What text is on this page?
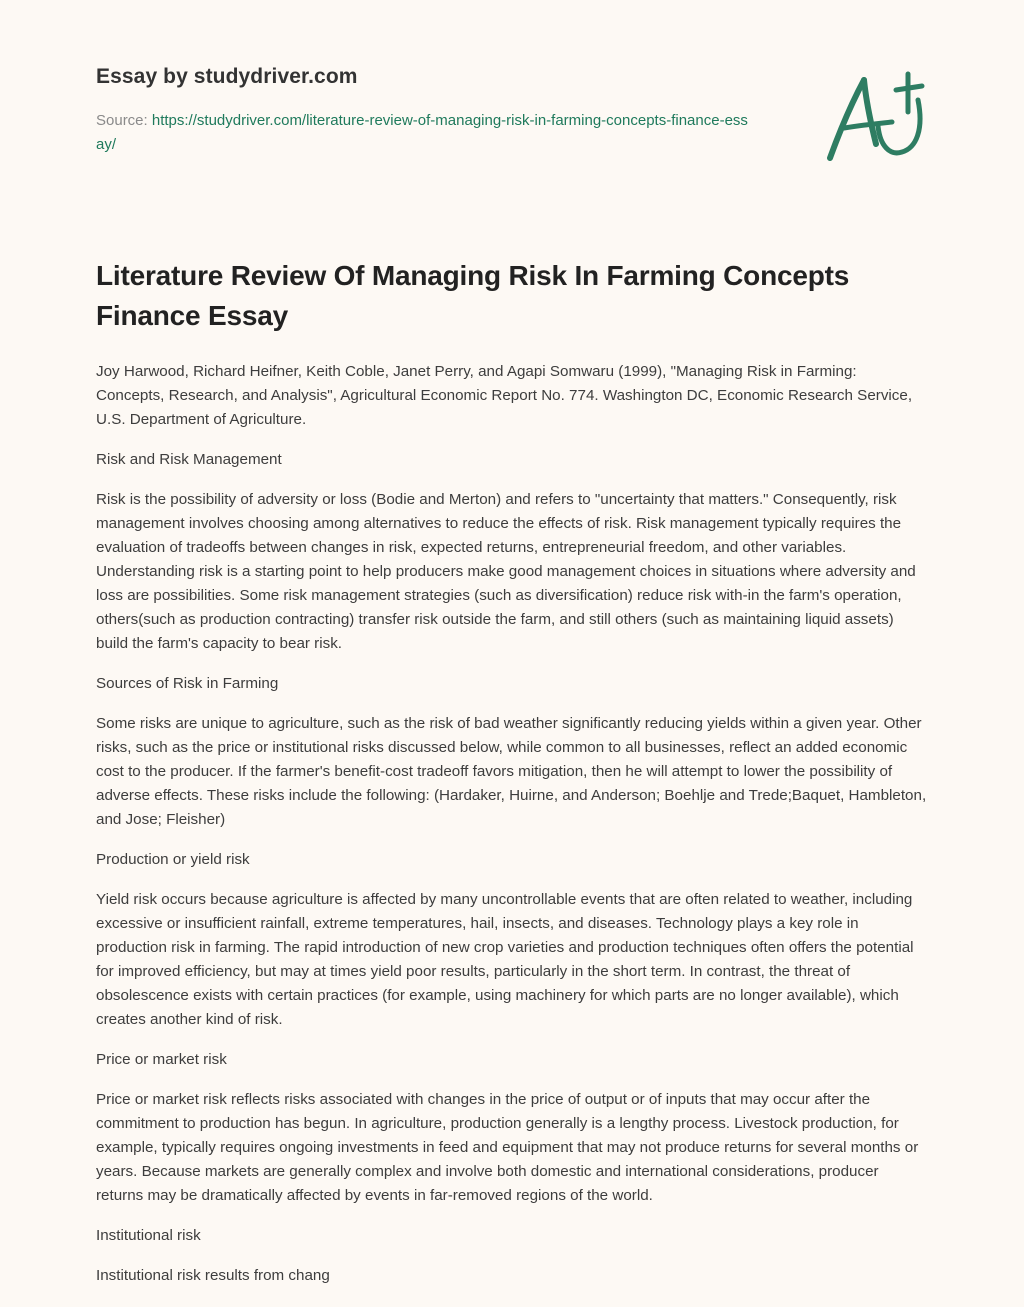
Essay by studydriver.com
Source: https://studydriver.com/literature-review-of-managing-risk-in-farming-concepts-finance-essay/
Literature Review Of Managing Risk In Farming Concepts Finance Essay

Joy Harwood, Richard Heifner, Keith Coble, Janet Perry, and Agapi Somwaru (1999), "Managing Risk in Farming: Concepts, Research, and Analysis", Agricultural Economic Report No. 774. Washington DC, Economic Research Service, U.S. Department of Agriculture.

Risk and Risk Management

Risk is the possibility of adversity or loss (Bodie and Merton) and refers to "uncertainty that matters." Consequently, risk management involves choosing among alternatives to reduce the effects of risk. Risk management typically requires the evaluation of tradeoffs between changes in risk, expected returns, entrepreneurial freedom, and other variables. Understanding risk is a starting point to help producers make good management choices in situations where adversity and loss are possibilities. Some risk management strategies (such as diversification) reduce risk with-in the farm's operation, others(such as production contracting) transfer risk outside the farm, and still others (such as maintaining liquid assets) build the farm's capacity to bear risk.

Sources of Risk in Farming

Some risks are unique to agriculture, such as the risk of bad weather significantly reducing yields within a given year. Other risks, such as the price or institutional risks discussed below, while common to all businesses, reflect an added economic cost to the producer. If the farmer's benefit-cost tradeoff favors mitigation, then he will attempt to lower the possibility of adverse effects. These risks include the following: (Hardaker, Huirne, and Anderson; Boehlje and Trede;Baquet, Hambleton, and Jose; Fleisher)

Production or yield risk

Yield risk occurs because agriculture is affected by many uncontrollable events that are often related to weather, including excessive or insufficient rainfall, extreme temperatures, hail, insects, and diseases. Technology plays a key role in production risk in farming. The rapid introduction of new crop varieties and production techniques often offers the potential for improved efficiency, but may at times yield poor results, particularly in the short term. In contrast, the threat of obsolescence exists with certain practices (for example, using machinery for which parts are no longer available), which creates another kind of risk.

Price or market risk

Price or market risk reflects risks associated with changes in the price of output or of inputs that may occur after the commitment to production has begun. In agriculture, production generally is a lengthy process. Livestock production, for example, typically requires ongoing investments in feed and equipment that may not produce returns for several months or years. Because markets are generally complex and involve both domestic and international considerations, producer returns may be dramatically affected by events in far-removed regions of the world.

Institutional risk

Institutional risk results from chang
